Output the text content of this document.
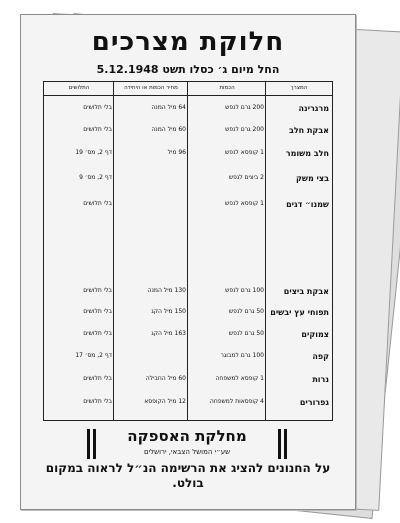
חלוקת מצרכים
החל מיום ג׳ כסלו תשט 5.12.1948
המצרך
הכמות
מחיר הכמות או היחידה
התלושים
מרגרינה
200 גרם לנפש
64 מיל המנה
בלי תלושים
אבקת חלב
200 גרם לנפש
60 מיל המנה
בלי תלושים
חלב משומר
1 קופסא לנפש
96 מיל
דף 2, מס׳ 19
בצי משק
2 ביצים לנפש
דף 2, מס׳ 9
שמנו״ דגים
1 קופסא לנפש
בלי תלושים
אבקת ביצים
100 גרם לנפש
130 מיל המנה
בלי תלושים
תפוחי עץ יבשים
50 גרם לנפש
150 מיל הקג
בלי תלושים
צמוקים
50 גרם לנפש
163 מיל הקג
בלי תלושים
קפה
100 גרם למבוגר
דף 2, מס׳ 17
נרות
1 קופסא למשפחה
60 מיל החבילה
בלי תלושים
גפרורים
4 קופסאות למשפחה
12 מיל הקופסא
בלי תלושים
מחלקת האספקה
שע״י המושל הצבאי, ירושלים
על החנונים להציג את הרשימה הנ״ל לראוה במקום בולט.
